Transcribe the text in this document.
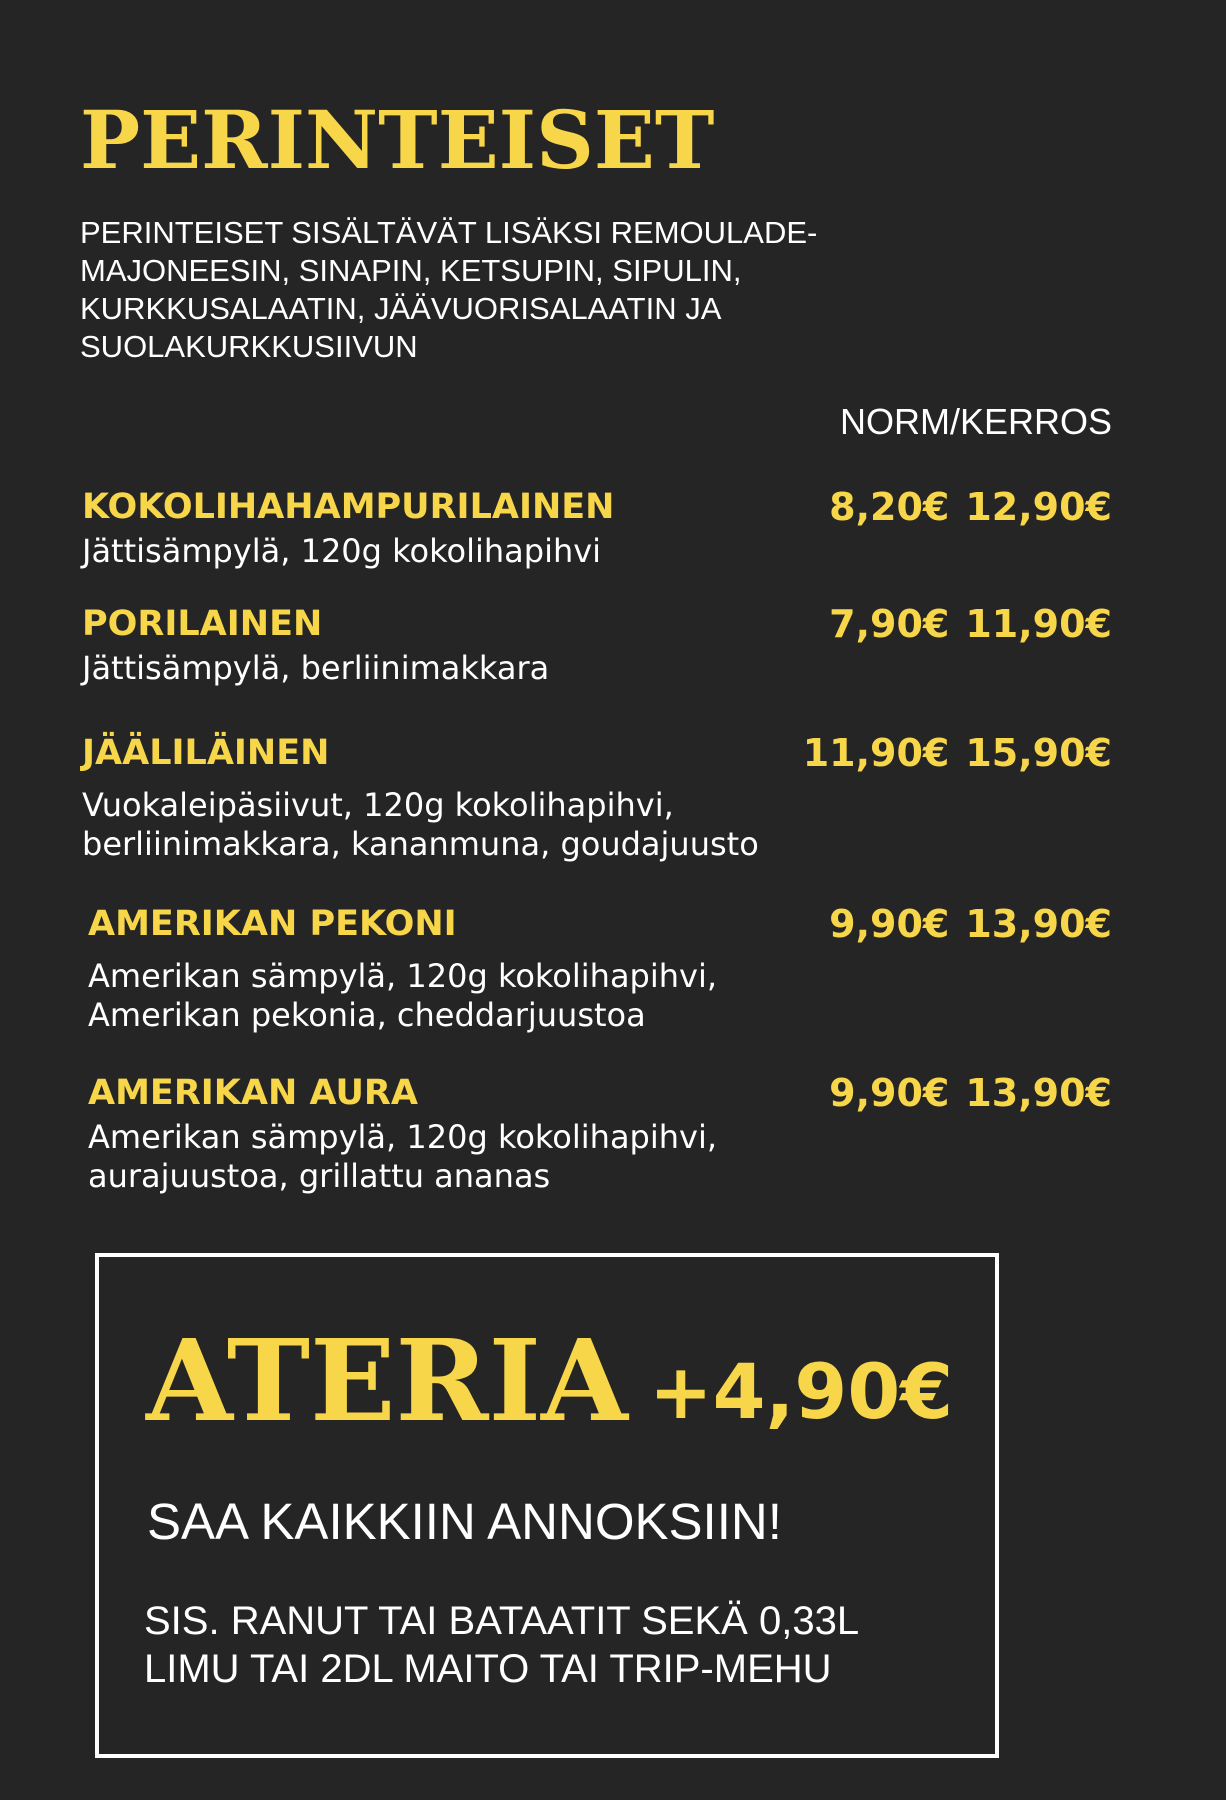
PERINTEISET
PERINTEISET SISÄLTÄVÄT LISÄKSI REMOULADE-MAJONEESIN, SINAPIN, KETSUPIN, SIPULIN, KURKKUSALAATIN, JÄÄVUORISALAATIN JA SUOLAKURKKUSIIVUN
NORM/KERROS
KOKOLIHAHAMPURILAINEN
Jättisämpylä, 120g kokolihapihvi
8,20€ 12,90€
PORILAINEN
Jättisämpylä, berliinimakkara
7,90€ 11,90€
JÄÄLILÄINEN
Vuokaleipäsiivut, 120g kokolihapihvi, berliinimakkara, kananmuna, goudajuusto
11,90€ 15,90€
AMERIKAN PEKONI
Amerikan sämpylä, 120g kokolihapihvi, Amerikan pekonia, cheddarjuustoa
9,90€ 13,90€
AMERIKAN AURA
Amerikan sämpylä, 120g kokolihapihvi, aurajuustoa, grillattu ananas
9,90€ 13,90€
ATERIA +4,90€
SAA KAIKKIIN ANNOKSIIN!
SIS. RANUT TAI BATAATIT SEKÄ 0,33L LIMU TAI 2DL MAITO TAI TRIP-MEHU
